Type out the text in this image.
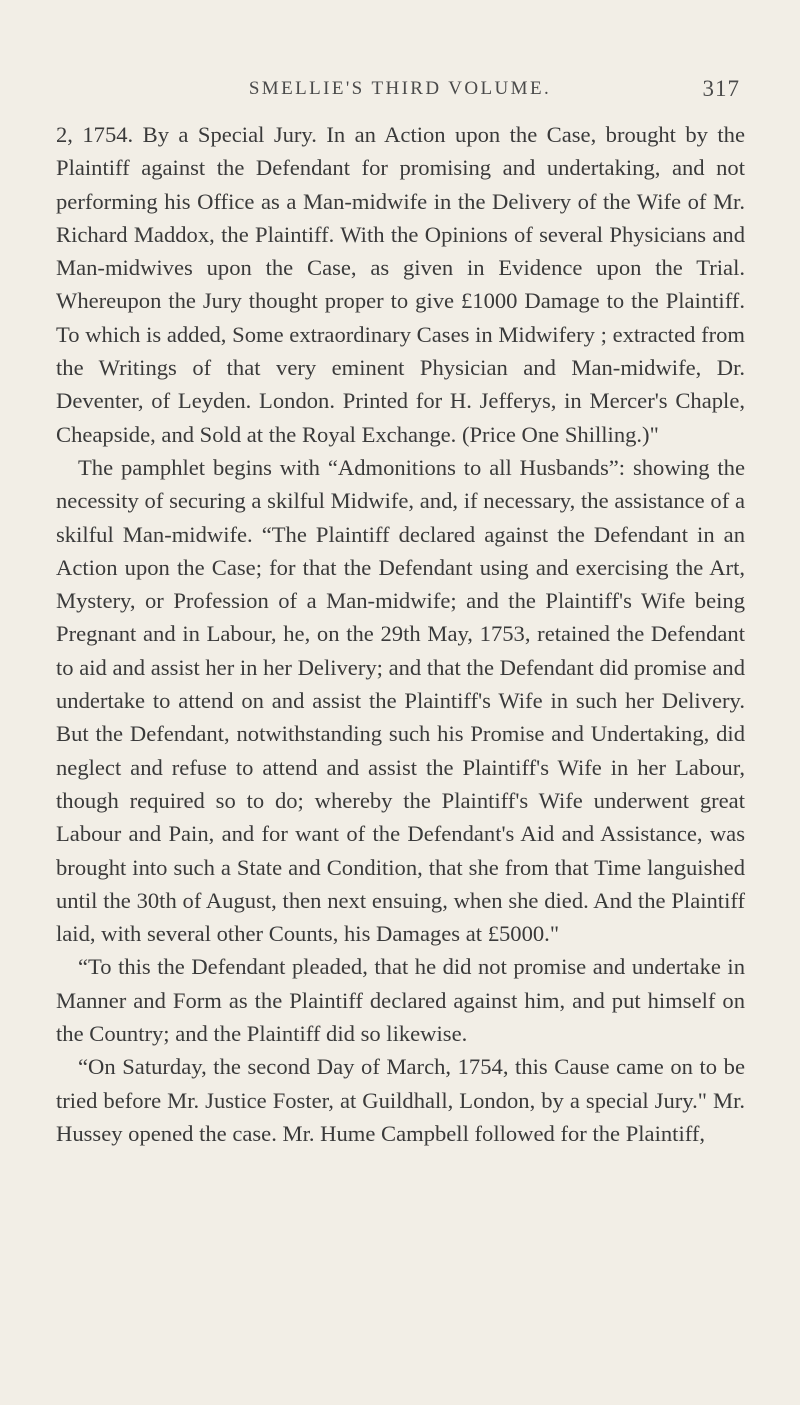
SMELLIE'S THIRD VOLUME.	317

2, 1754. By a Special Jury. In an Action upon the Case, brought by the Plaintiff against the Defendant for promising and undertaking, and not performing his Office as a Man-midwife in the Delivery of the Wife of Mr. Richard Maddox, the Plaintiff. With the Opinions of several Physicians and Man-midwives upon the Case, as given in Evidence upon the Trial. Whereupon the Jury thought proper to give £1000 Damage to the Plaintiff. To which is added, Some extraordinary Cases in Midwifery ; extracted from the Writings of that very eminent Physician and Man-midwife, Dr. Deventer, of Leyden. London. Printed for H. Jefferys, in Mercer's Chaple, Cheapside, and Sold at the Royal Exchange. (Price One Shilling.)"

The pamphlet begins with “Admonitions to all Husbands”: showing the necessity of securing a skilful Midwife, and, if necessary, the assistance of a skilful Man-midwife. “The Plaintiff declared against the Defendant in an Action upon the Case; for that the Defendant using and exercising the Art, Mystery, or Profession of a Man-midwife; and the Plaintiff's Wife being Pregnant and in Labour, he, on the 29th May, 1753, retained the Defendant to aid and assist her in her Delivery; and that the Defendant did promise and undertake to attend on and assist the Plaintiff's Wife in such her Delivery. But the Defendant, notwithstanding such his Promise and Undertaking, did neglect and refuse to attend and assist the Plaintiff's Wife in her Labour, though required so to do; whereby the Plaintiff's Wife underwent great Labour and Pain, and for want of the Defendant's Aid and Assistance, was brought into such a State and Condition, that she from that Time languished until the 30th of August, then next ensuing, when she died. And the Plaintiff laid, with several other Counts, his Damages at £5000."

“To this the Defendant pleaded, that he did not promise and undertake in Manner and Form as the Plaintiff declared against him, and put himself on the Country; and the Plaintiff did so likewise.

“On Saturday, the second Day of March, 1754, this Cause came on to be tried before Mr. Justice Foster, at Guildhall, London, by a special Jury." Mr. Hussey opened the case. Mr. Hume Campbell followed for the Plaintiff,
